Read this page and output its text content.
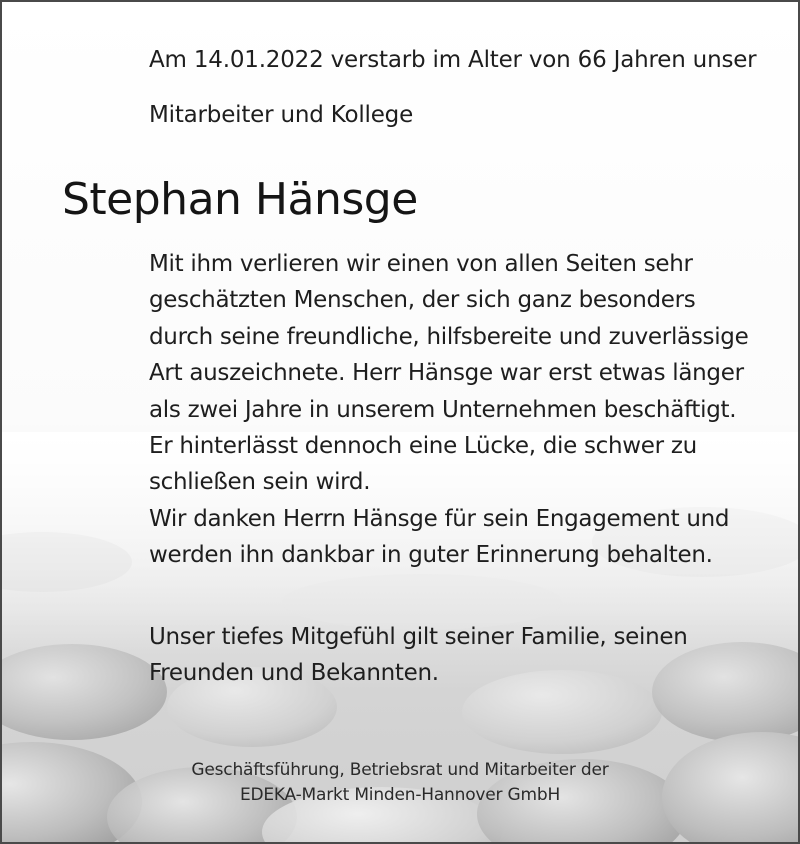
Am 14.01.2022 verstarb im Alter von 66 Jahren unser
Mitarbeiter und Kollege
Stephan Hänsge
Mit ihm verlieren wir einen von allen Seiten sehr
geschätzten Menschen, der sich ganz besonders
durch seine freundliche, hilfsbereite und zuverlässige
Art auszeichnete. Herr Hänsge war erst etwas länger
als zwei Jahre in unserem Unternehmen beschäftigt.
Er hinterlässt dennoch eine Lücke, die schwer zu
schließen sein wird.
Wir danken Herrn Hänsge für sein Engagement und
werden ihn dankbar in guter Erinnerung behalten.
Unser tiefes Mitgefühl gilt seiner Familie, seinen
Freunden und Bekannten.
Geschäftsführung, Betriebsrat und Mitarbeiter der
EDEKA-Markt Minden-Hannover GmbH
